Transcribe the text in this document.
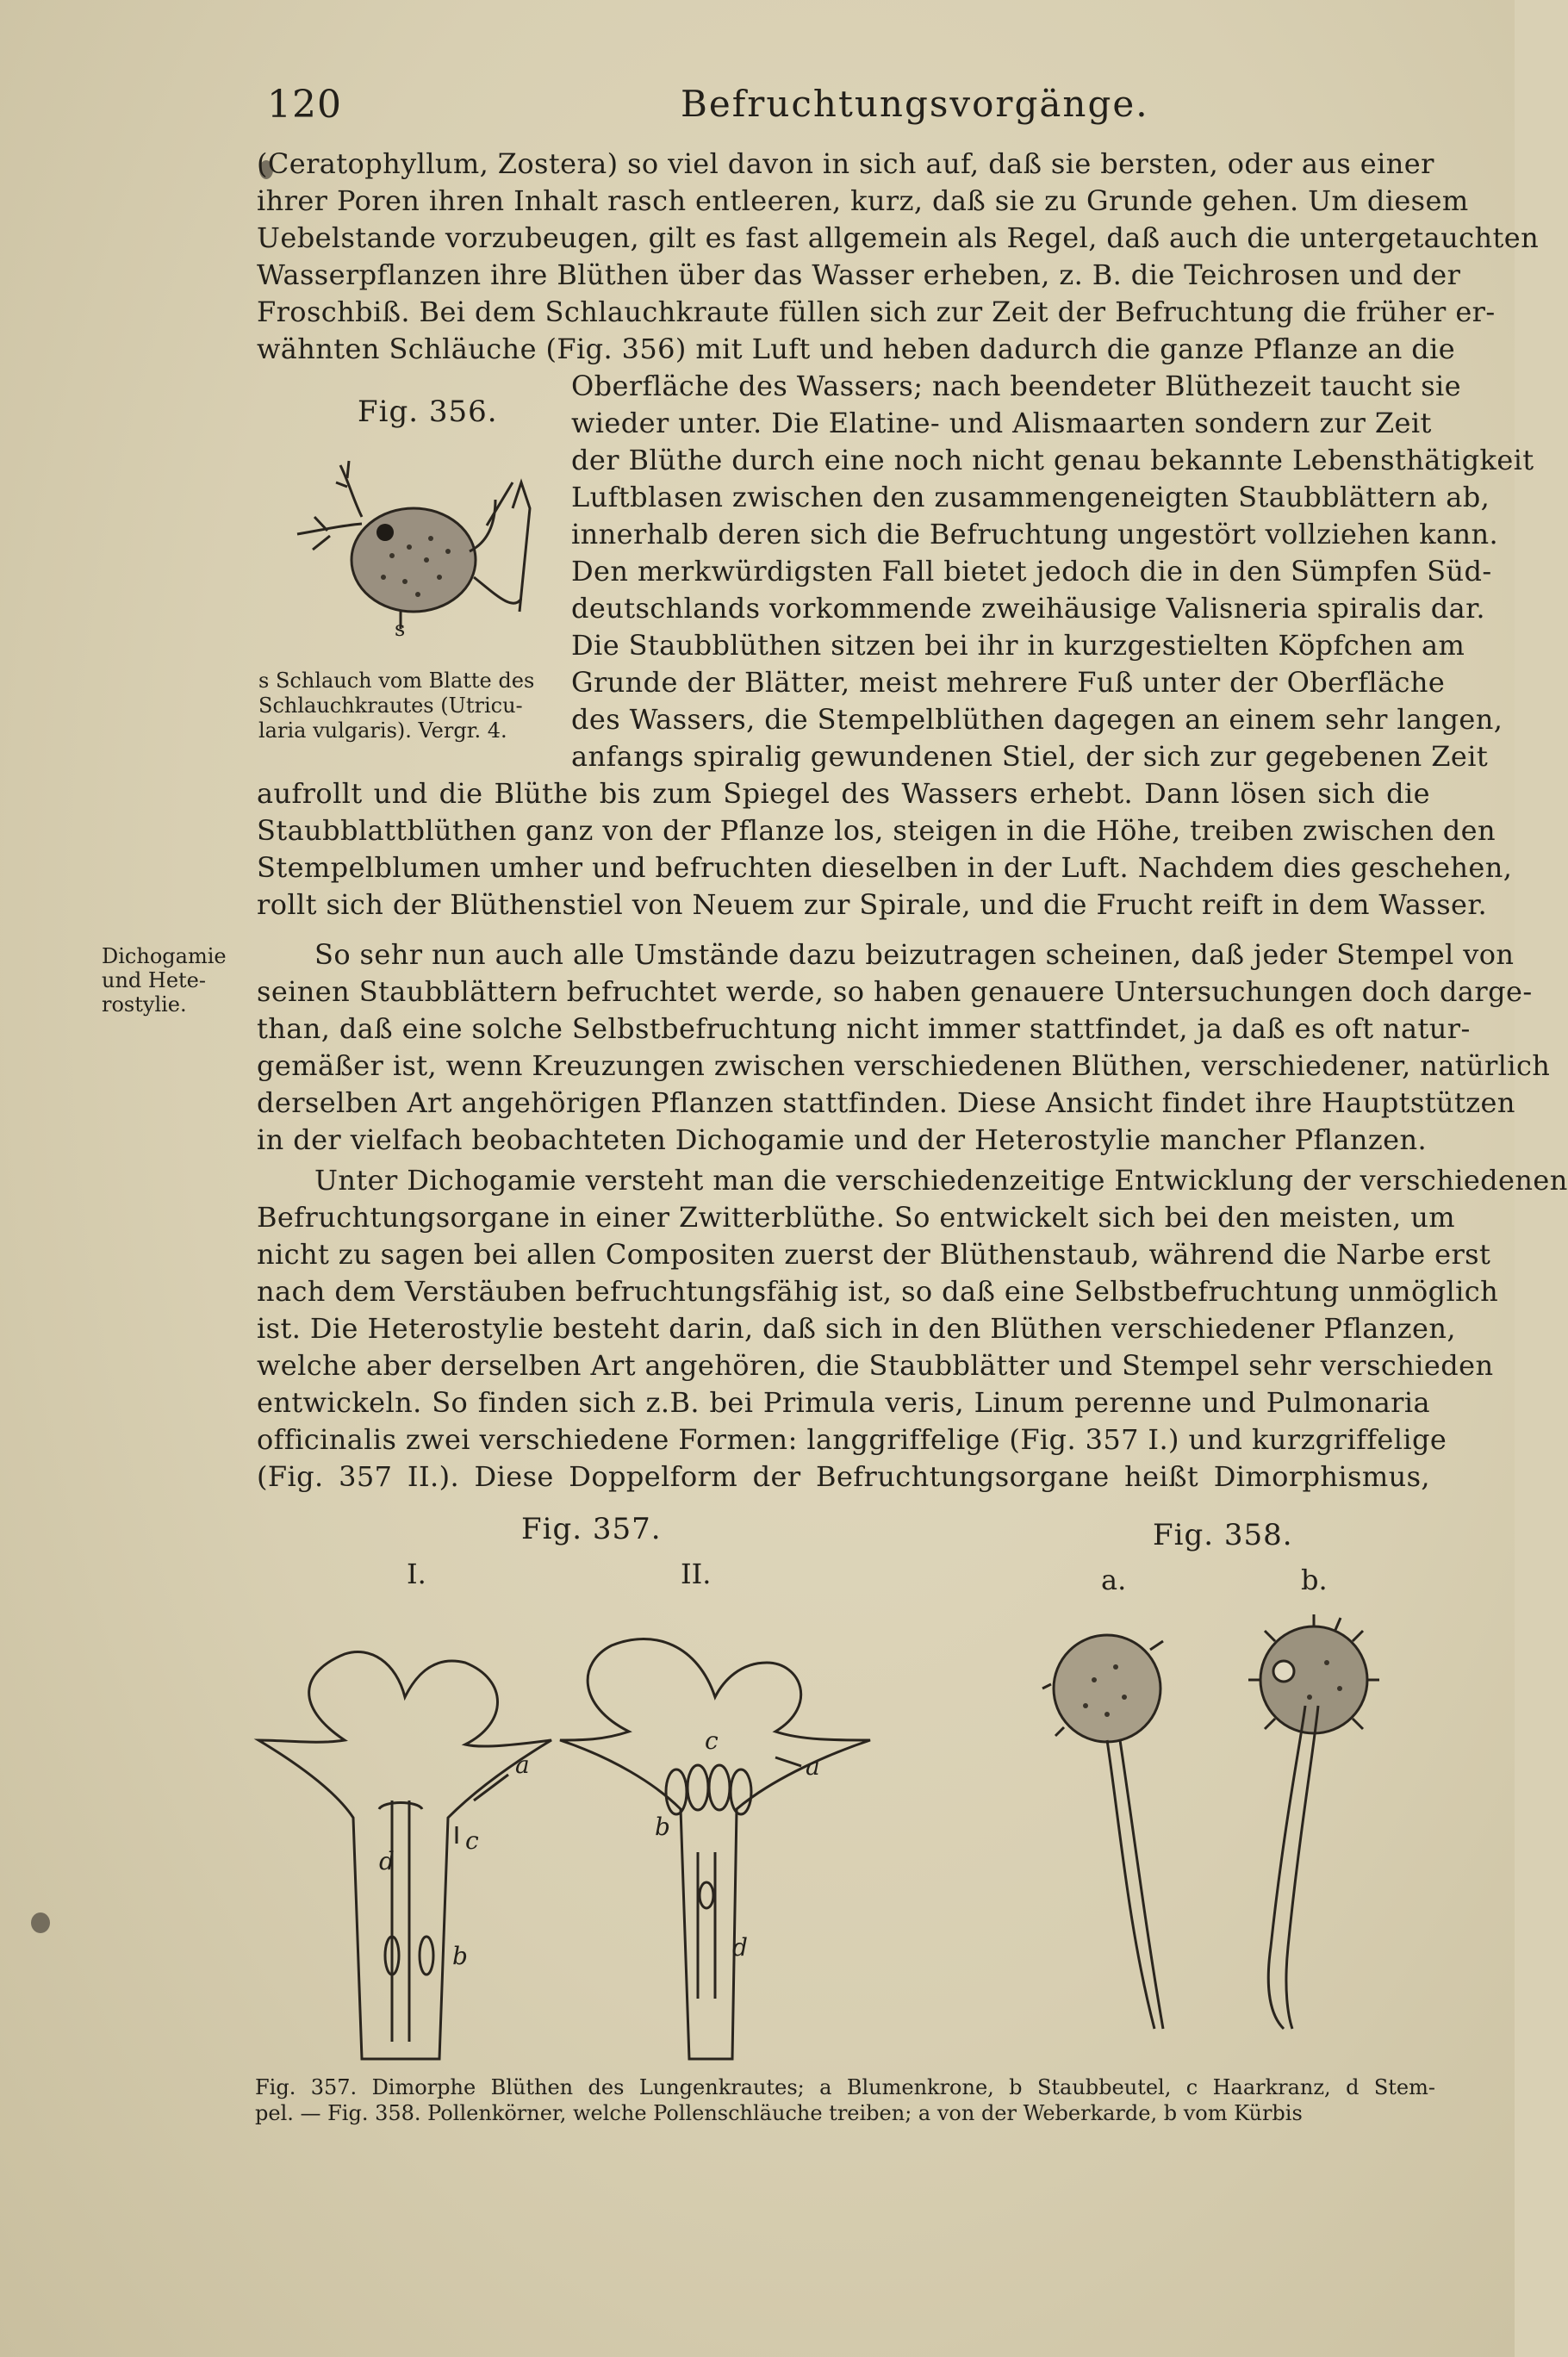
120	Befruchtungsvorgänge.
(Ceratophyllum, Zostera) so viel davon in sich auf, daß sie bersten, oder aus einer
ihrer Poren ihren Inhalt rasch entleeren, kurz, daß sie zu Grunde gehen. Um diesem
Uebelstande vorzubeugen, gilt es fast allgemein als Regel, daß auch die untergetauchten
Wasserpflanzen ihre Blüthen über das Wasser erheben, z. B. die Teichrosen und der
Froschbiß. Bei dem Schlauchkraute füllen sich zur Zeit der Befruchtung die früher er-
wähnten Schläuche (Fig. 356) mit Luft und heben dadurch die ganze Pflanze an die
Oberfläche des Wassers; nach beendeter Blüthezeit taucht sie
wieder unter. Die Elatine- und Alismaarten sondern zur Zeit
der Blüthe durch eine noch nicht genau bekannte Lebensthätigkeit
Luftblasen zwischen den zusammengeneigten Staubblättern ab,
innerhalb deren sich die Befruchtung ungestört vollziehen kann.
Den merkwürdigsten Fall bietet jedoch die in den Sümpfen Süd-
deutschlands vorkommende zweihäusige Valisneria spiralis dar.
Die Staubblüthen sitzen bei ihr in kurzgestielten Köpfchen am
Grunde der Blätter, meist mehrere Fuß unter der Oberfläche
des Wassers, die Stempelblüthen dagegen an einem sehr langen,
anfangs spiralig gewundenen Stiel, der sich zur gegebenen Zeit
aufrollt und die Blüthe bis zum Spiegel des Wassers erhebt. Dann lösen sich die
Staubblattblüthen ganz von der Pflanze los, steigen in die Höhe, treiben zwischen den
Stempelblumen umher und befruchten dieselben in der Luft. Nachdem dies geschehen,
rollt sich der Blüthenstiel von Neuem zur Spirale, und die Frucht reift in dem Wasser.
Fig. 356.
s
s Schlauch vom Blatte des
Schlauchkrautes (Utricu-
laria vulgaris). Vergr. 4.
Dichogamie
und Hete-
rostylie.
So sehr nun auch alle Umstände dazu beizutragen scheinen, daß jeder Stempel von
seinen Staubblättern befruchtet werde, so haben genauere Untersuchungen doch darge-
than, daß eine solche Selbstbefruchtung nicht immer stattfindet, ja daß es oft natur-
gemäßer ist, wenn Kreuzungen zwischen verschiedenen Blüthen, verschiedener, natürlich
derselben Art angehörigen Pflanzen stattfinden. Diese Ansicht findet ihre Hauptstützen
in der vielfach beobachteten Dichogamie und der Heterostylie mancher Pflanzen.
Unter Dichogamie versteht man die verschiedenzeitige Entwicklung der verschiedenen
Befruchtungsorgane in einer Zwitterblüthe. So entwickelt sich bei den meisten, um
nicht zu sagen bei allen Compositen zuerst der Blüthenstaub, während die Narbe erst
nach dem Verstäuben befruchtungsfähig ist, so daß eine Selbstbefruchtung unmöglich
ist. Die Heterostylie besteht darin, daß sich in den Blüthen verschiedener Pflanzen,
welche aber derselben Art angehören, die Staubblätter und Stempel sehr verschieden
entwickeln. So finden sich z.B. bei Primula veris, Linum perenne und Pulmonaria
officinalis zwei verschiedene Formen: langgriffelige (Fig. 357 I.) und kurzgriffelige
(Fig. 357 II.). Diese Doppelform der Befruchtungsorgane heißt Dimorphismus,
Fig. 357.
I.	II.
a
c
d
b
c
a
b
d
Fig. 358.
a.	b.
Fig. 357. Dimorphe Blüthen des Lungenkrautes; a Blumenkrone, b Staubbeutel, c Haarkranz, d Stem-
pel. — Fig. 358. Pollenkörner, welche Pollenschläuche treiben; a von der Weberkarde, b vom Kürbis
